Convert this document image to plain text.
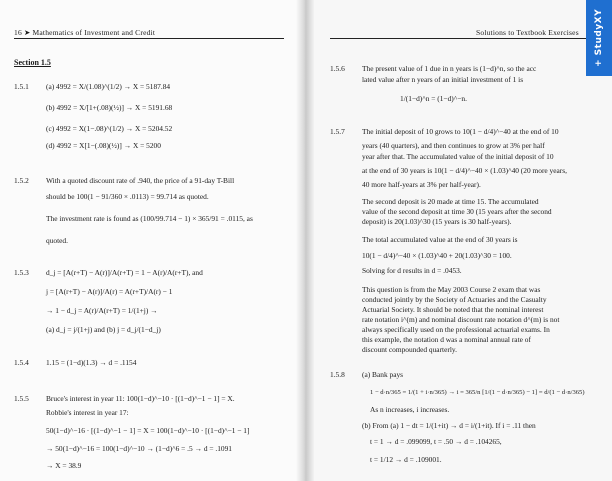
16 ➤ Mathematics of Investment and Credit
Section 1.5
1.5.1 (a) 4992 = X/(1.08)^(1/2) → X = 5187.84
(b) 4992 = X/[1+(.08)(½)] → X = 5191.68
(c) 4992 = X(1−.08)^(1/2) → X = 5204.52
(d) 4992 = X[1−(.08)(½)] → X = 5200
1.5.2 With a quoted discount rate of .940, the price of a 91-day T-Bill
should be 100(1 − 91/360 × .0113) = 99.714 as quoted.
The investment rate is found as (100/99.714 − 1) × 365/91 = .0115, as
quoted.
1.5.3 d_j = [A(r+T) − A(r)]/A(r+T) = 1 − A(r)/A(r+T), and
j = [A(r+T) − A(r)]/A(r) = A(r+T)/A(r) − 1
→ 1 − d_j = A(r)/A(r+T) = 1/(1+j) →
(a) d_j = j/(1+j) and (b) j = d_j/(1−d_j)
1.5.4 1.15 = (1−d)(1.3) → d = .1154
1.5.5 Bruce's interest in year 11: 100(1−d)^−10 · [(1−d)^−1 − 1] = X.
Robbie's interest in year 17:
50(1−d)^−16 · [(1−d)^−1 − 1] = X = 100(1−d)^−10 · [(1−d)^−1 − 1]
→ 50(1−d)^−16 = 100(1−d)^−10 → (1−d)^6 = .5 → d = .1091
→ X = 38.9
Solutions to Textbook Exercises	+ StudyXY
1.5.6 The present value of 1 due in n years is (1−d)^n, so the acc
lated value after n years of an initial investment of 1 is
1/(1−d)^n = (1−d)^−n.
1.5.7 The initial deposit of 10 grows to 10(1 − d/4)^−40 at the end of 10
years (40 quarters), and then continues to grow at 3% per half
year after that. The accumulated value of the initial deposit of 10
at the end of 30 years is 10(1 − d/4)^−40 × (1.03)^40 (20 more years,
40 more half-years at 3% per half-year).
The second deposit is 20 made at time 15. The accumulated
value of the second deposit at time 30 (15 years after the second
deposit) is 20(1.03)^30 (15 years is 30 half-years).
The total accumulated value at the end of 30 years is
10(1 − d/4)^−40 × (1.03)^40 + 20(1.03)^30 = 100.
Solving for d results in d = .0453.
This question is from the May 2003 Course 2 exam that was
conducted jointly by the Society of Actuaries and the Casualty
Actuarial Society. It should be noted that the nominal interest
rate notation i^(m) and nominal discount rate notation d^(m) is not
always specifically used on the professional actuarial exams. In
this example, the notation d was a nominal annual rate of
discount compounded quarterly.
1.5.8 (a) Bank pays
1 − d·n/365 = 1/(1 + i·n/365) → i = 365/n [1/(1 − d·n/365) − 1] = d/(1 − d·n/365)
As n increases, i increases.
(b) From (a) 1 − dt = 1/(1+it) → d = i/(1+it). If i = .11 then
t = 1 → d = .099099, t = .50 → d = .104265,
t = 1/12 → d = .109001.
